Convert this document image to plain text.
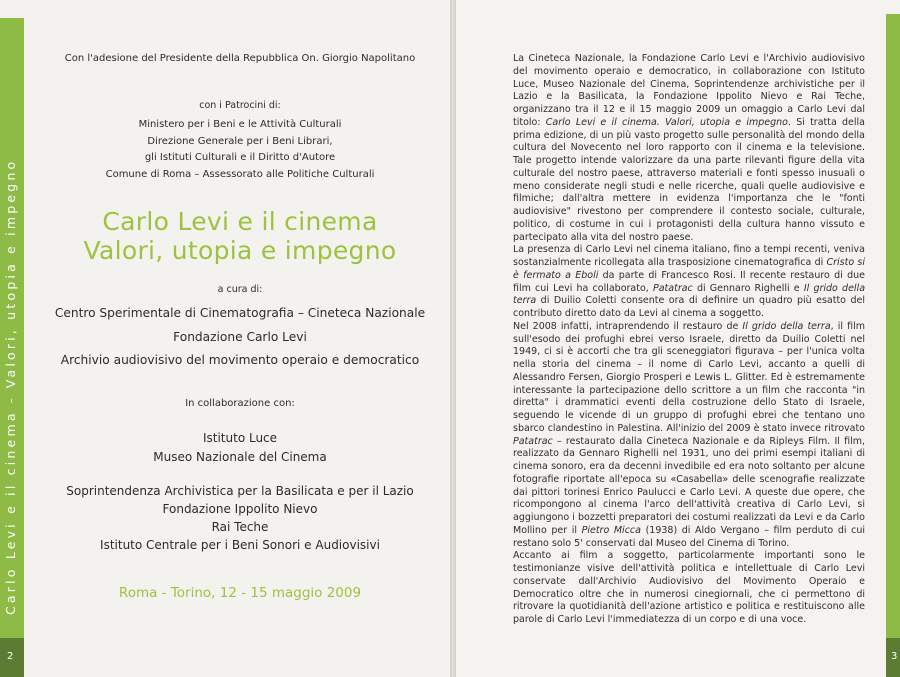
Carlo Levi e il cinema - Valori, utopia e impegno
2	3
Con l'adesione del Presidente della Repubblica On. Giorgio Napolitano
con i Patrocini di:
Ministero per i Beni e le Attività Culturali
Direzione Generale per i Beni Librari,
gli Istituti Culturali e il Diritto d'Autore
Comune di Roma – Assessorato alle Politiche Culturali
Carlo Levi e il cinema
Valori, utopia e impegno
a cura di:
Centro Sperimentale di Cinematografia – Cineteca Nazionale
Fondazione Carlo Levi
Archivio audiovisivo del movimento operaio e democratico
In collaborazione con:
Istituto Luce
Museo Nazionale del Cinema
Soprintendenza Archivistica per la Basilicata e per il Lazio
Fondazione Ippolito Nievo
Rai Teche
Istituto Centrale per i Beni Sonori e Audiovisivi
Roma - Torino, 12 - 15 maggio 2009

La Cineteca Nazionale, la Fondazione Carlo Levi e l'Archivio audiovisivo del movimento operaio e democratico, in collaborazione con Istituto Luce, Museo Nazionale del Cinema, Soprintendenze archivistiche per il Lazio e la Basilicata, la Fondazione Ippolito Nievo e Rai Teche, organizzano tra il 12 e il 15 maggio 2009 un omaggio a Carlo Levi dal titolo: Carlo Levi e il cinema. Valori, utopia e impegno. Si tratta della prima edizione, di un più vasto progetto sulle personalità del mondo della cultura del Novecento nel loro rapporto con il cinema e la televisione. Tale progetto intende valorizzare da una parte rilevanti figure della vita culturale del nostro paese, attraverso materiali e fonti spesso inusuali o meno considerate negli studi e nelle ricerche, quali quelle audiovisive e filmiche; dall'altra mettere in evidenza l'importanza che le "fonti audiovisive" rivestono per comprendere il contesto sociale, culturale, politico, di costume in cui i protagonisti della cultura hanno vissuto e partecipato alla vita del nostro paese.

La presenza di Carlo Levi nel cinema italiano, fino a tempi recenti, veniva sostanzialmente ricollegata alla trasposizione cinematografica di Cristo si è fermato a Eboli da parte di Francesco Rosi. Il recente restauro di due film cui Levi ha collaborato, Patatrac di Gennaro Righelli e Il grido della terra di Duilio Coletti consente ora di definire un quadro più esatto del contributo diretto dato da Levi al cinema a soggetto.

Nel 2008 infatti, intraprendendo il restauro de Il grido della terra, il film sull'esodo dei profughi ebrei verso Israele, diretto da Duilio Coletti nel 1949, ci si è accorti che tra gli sceneggiatori figurava – per l'unica volta nella storia del cinema – il nome di Carlo Levi, accanto a quelli di Alessandro Fersen, Giorgio Prosperi e Lewis L. Glitter. Ed è estremamente interessante la partecipazione dello scrittore a un film che racconta "in diretta" i drammatici eventi della costruzione dello Stato di Israele, seguendo le vicende di un gruppo di profughi ebrei che tentano uno sbarco clandestino in Palestina. All'inizio del 2009 è stato invece ritrovato Patatrac – restaurato dalla Cineteca Nazionale e da Ripleys Film. Il film, realizzato da Gennaro Righelli nel 1931, uno dei primi esempi italiani di cinema sonoro, era da decenni invedibile ed era noto soltanto per alcune fotografie riportate all'epoca su «Casabella» delle scenografie realizzate dai pittori torinesi Enrico Paulucci e Carlo Levi. A queste due opere, che ricompongono al cinema l'arco dell'attività creativa di Carlo Levi, si aggiungono i bozzetti preparatori dei costumi realizzati da Levi e da Carlo Mollino per il Pietro Micca (1938) di Aldo Vergano – film perduto di cui restano solo 5' conservati dal Museo del Cinema di Torino.

Accanto ai film a soggetto, particolarmente importanti sono le testimonianze visive dell'attività politica e intellettuale di Carlo Levi conservate dall'Archivio Audiovisivo del Movimento Operaio e Democratico oltre che in numerosi cinegiornali, che ci permettono di ritrovare la quotidianità dell'azione artistico e politica e restituiscono alle parole di Carlo Levi l'immediatezza di un corpo e di una voce.
